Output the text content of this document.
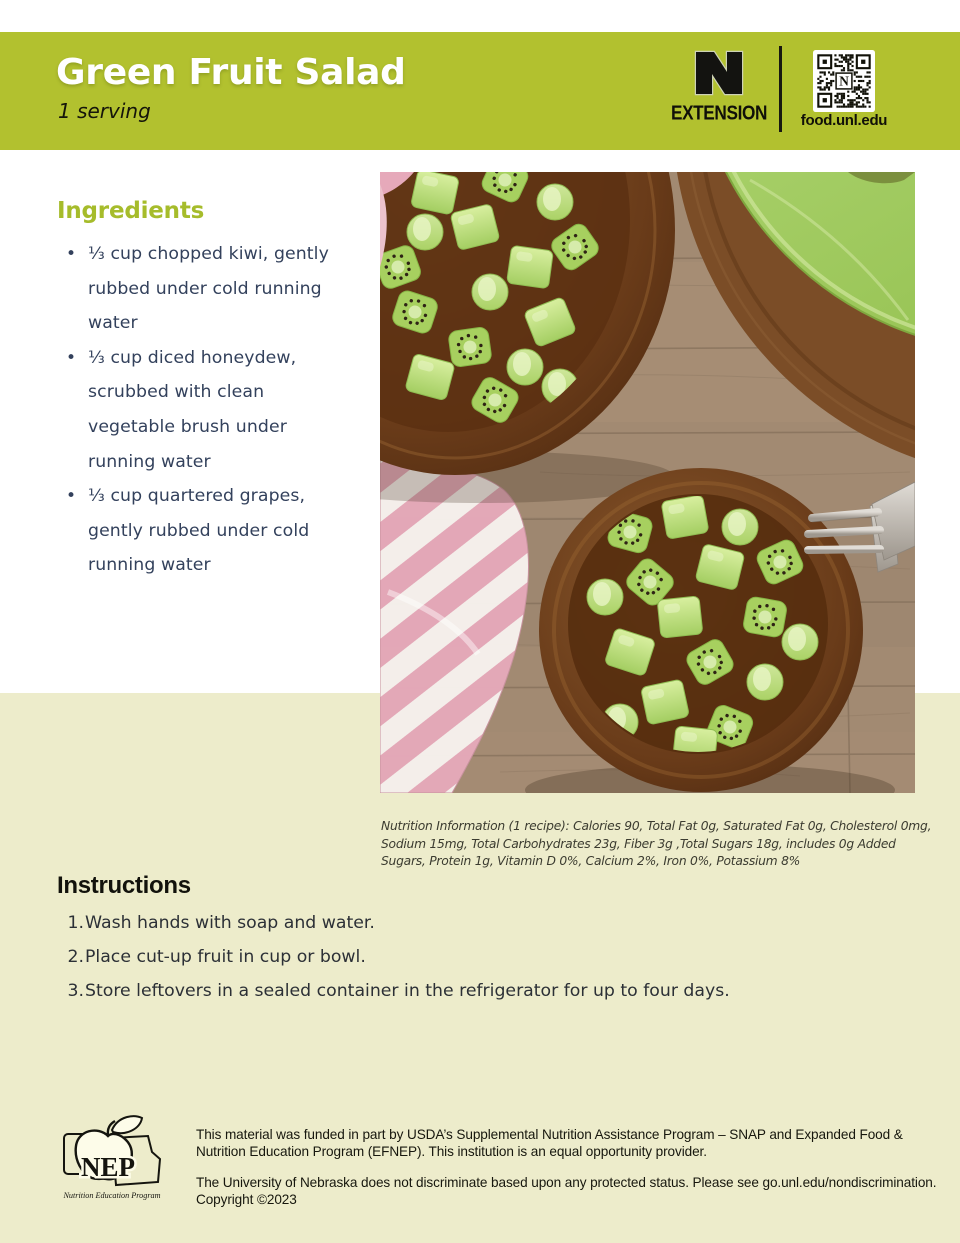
Green Fruit Salad
1 serving	EXTENSION
N
food.unl.edu
Ingredients
• ⅓ cup chopped kiwi, gently rubbed under cold running water
• ⅓ cup diced honeydew, scrubbed with clean vegetable brush under running water
• ⅓ cup quartered grapes, gently rubbed under cold running water

Nutrition Information (1 recipe): Calories 90, Total Fat 0g, Saturated Fat 0g, Cholesterol 0mg, Sodium 15mg, Total Carbohydrates 23g, Fiber 3g ,Total Sugars 18g, includes 0g Added Sugars, Protein 1g, Vitamin D 0%, Calcium 2%, Iron 0%, Potassium 8%

Instructions
1. Wash hands with soap and water.
2. Place cut-up fruit in cup or bowl.
3. Store leftovers in a sealed container in the refrigerator for up to four days.
NEP
Nutrition Education Program

This material was funded in part by USDA’s Supplemental Nutrition Assistance Program – SNAP and Expanded Food & Nutrition Education Program (EFNEP). This institution is an equal opportunity provider.

The University of Nebraska does not discriminate based upon any protected status. Please see go.unl.edu/nondiscrimination. Copyright ©2023
